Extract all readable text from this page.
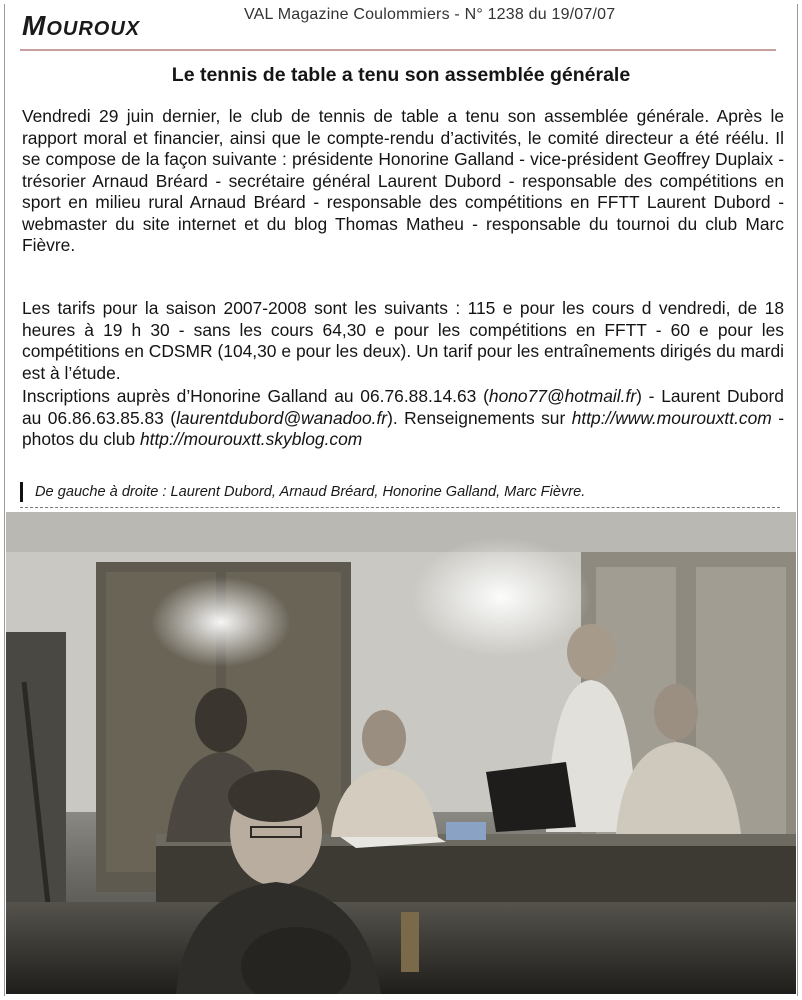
Mouroux	VAL Magazine Coulommiers - N° 1238 du 19/07/07
Le tennis de table a tenu son assemblée générale
Vendredi 29 juin dernier, le club de tennis de table a tenu son assemblée générale. Après le rapport moral et financier, ainsi que le compte-rendu d’activités, le comité directeur a été réélu. Il se compose de la façon suivante : présidente Honorine Galland - vice-président Geoffrey Duplaix - trésorier Arnaud Bréard - secrétaire général Laurent Dubord - responsable des compétitions en sport en milieu rural Arnaud Bréard - responsable des compétitions en FFTT Laurent Dubord - webmaster du site internet et du blog Thomas Matheu - responsable du tournoi du club Marc Fièvre.
Les tarifs pour la saison 2007-2008 sont les suivants : 115 e pour les cours d vendredi, de 18 heures à 19 h 30 - sans les cours 64,30 e pour les compétitions en FFTT - 60 e pour les compétitions en CDSMR (104,30 e pour les deux). Un tarif pour les entraînements dirigés du mardi est à l’étude.
Inscriptions auprès d’Honorine Galland au 06.76.88.14.63 (hono77@hotmail.fr) - Laurent Dubord au 06.86.63.85.83 (laurentdubord@wanadoo.fr). Renseignements sur http://www.mourouxtt.com - photos du club http://mourouxtt.skyblog.com
De gauche à droite : Laurent Dubord, Arnaud Bréard, Honorine Galland, Marc Fièvre.
